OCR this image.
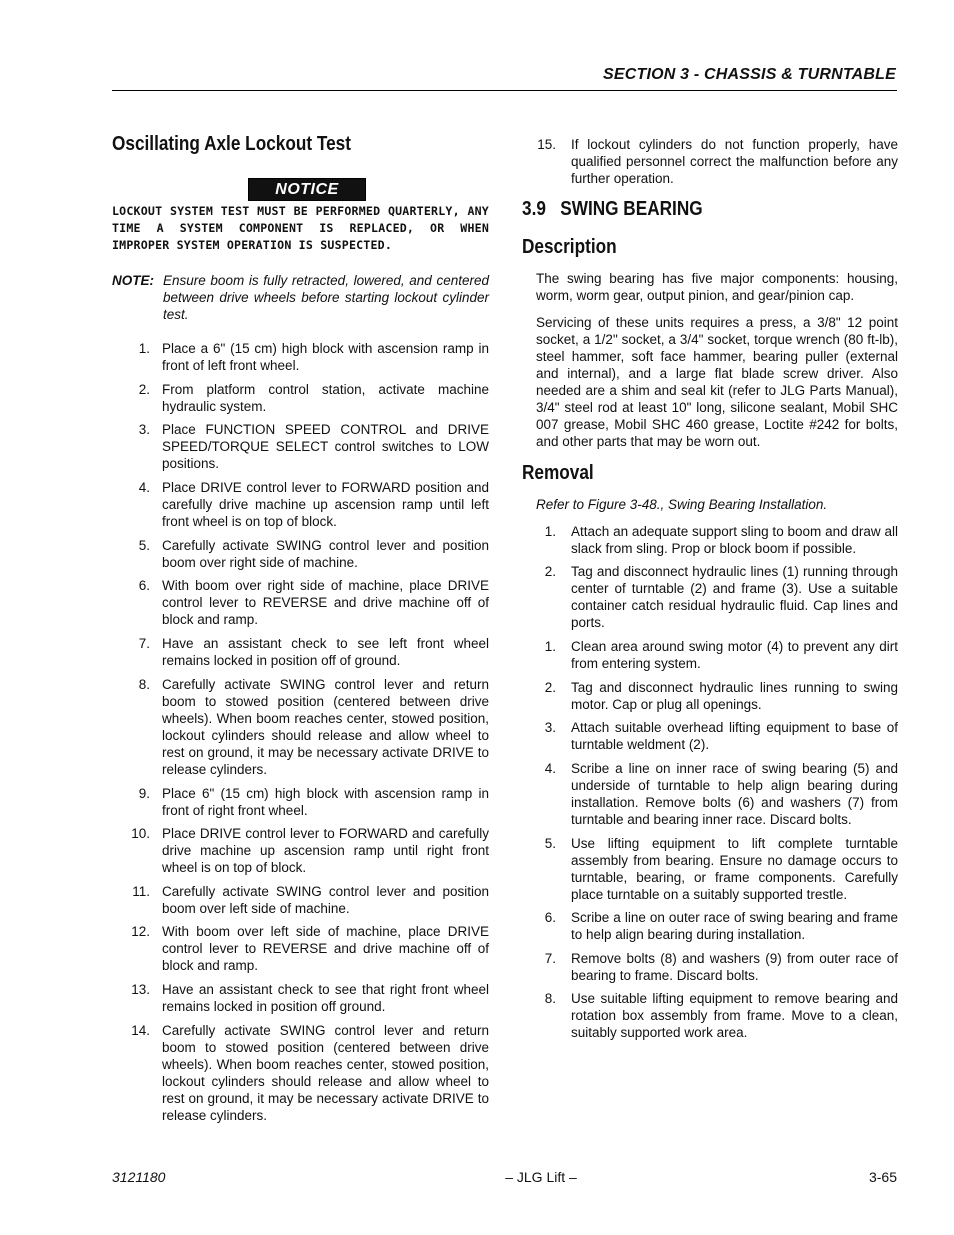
SECTION 3 - CHASSIS & TURNTABLE
Oscillating Axle Lockout Test
NOTICE
LOCKOUT SYSTEM TEST MUST BE PERFORMED QUARTERLY, ANY TIME A SYSTEM COMPONENT IS REPLACED, OR WHEN IMPROPER SYSTEM OPERATION IS SUSPECTED.
NOTE: Ensure boom is fully retracted, lowered, and centered between drive wheels before starting lockout cylinder test.
1. Place a 6" (15 cm) high block with ascension ramp in front of left front wheel.
2. From platform control station, activate machine hydraulic system.
3. Place FUNCTION SPEED CONTROL and DRIVE SPEED/TORQUE SELECT control switches to LOW positions.
4. Place DRIVE control lever to FORWARD position and carefully drive machine up ascension ramp until left front wheel is on top of block.
5. Carefully activate SWING control lever and position boom over right side of machine.
6. With boom over right side of machine, place DRIVE control lever to REVERSE and drive machine off of block and ramp.
7. Have an assistant check to see left front wheel remains locked in position off of ground.
8. Carefully activate SWING control lever and return boom to stowed position (centered between drive wheels). When boom reaches center, stowed position, lockout cylinders should release and allow wheel to rest on ground, it may be necessary activate DRIVE to release cylinders.
9. Place 6" (15 cm) high block with ascension ramp in front of right front wheel.
10. Place DRIVE control lever to FORWARD and carefully drive machine up ascension ramp until right front wheel is on top of block.
11. Carefully activate SWING control lever and position boom over left side of machine.
12. With boom over left side of machine, place DRIVE control lever to REVERSE and drive machine off of block and ramp.
13. Have an assistant check to see that right front wheel remains locked in position off ground.
14. Carefully activate SWING control lever and return boom to stowed position (centered between drive wheels). When boom reaches center, stowed position, lockout cylinders should release and allow wheel to rest on ground, it may be necessary activate DRIVE to release cylinders.
15. If lockout cylinders do not function properly, have qualified personnel correct the malfunction before any further operation.
3.9   SWING BEARING
Description
The swing bearing has five major components: housing, worm, worm gear, output pinion, and gear/pinion cap.
Servicing of these units requires a press, a 3/8" 12 point socket, a 1/2" socket, a 3/4" socket, torque wrench (80 ft-lb), steel hammer, soft face hammer, bearing puller (external and internal), and a large flat blade screw driver. Also needed are a shim and seal kit (refer to JLG Parts Manual), 3/4" steel rod at least 10" long, silicone sealant, Mobil SHC 007 grease, Mobil SHC 460 grease, Loctite #242 for bolts, and other parts that may be worn out.
Removal
Refer to Figure 3-48., Swing Bearing Installation.
1. Attach an adequate support sling to boom and draw all slack from sling. Prop or block boom if possible.
2. Tag and disconnect hydraulic lines (1) running through center of turntable (2) and frame (3). Use a suitable container catch residual hydraulic fluid. Cap lines and ports.
1. Clean area around swing motor (4) to prevent any dirt from entering system.
2. Tag and disconnect hydraulic lines running to swing motor. Cap or plug all openings.
3. Attach suitable overhead lifting equipment to base of turntable weldment (2).
4. Scribe a line on inner race of swing bearing (5) and underside of turntable to help align bearing during installation. Remove bolts (6) and washers (7) from turntable and bearing inner race. Discard bolts.
5. Use lifting equipment to lift complete turntable assembly from bearing. Ensure no damage occurs to turntable, bearing, or frame components. Carefully place turntable on a suitably supported trestle.
6. Scribe a line on outer race of swing bearing and frame to help align bearing during installation.
7. Remove bolts (8) and washers (9) from outer race of bearing to frame. Discard bolts.
8. Use suitable lifting equipment to remove bearing and rotation box assembly from frame. Move to a clean, suitably supported work area.
3121180	– JLG Lift –	3-65
